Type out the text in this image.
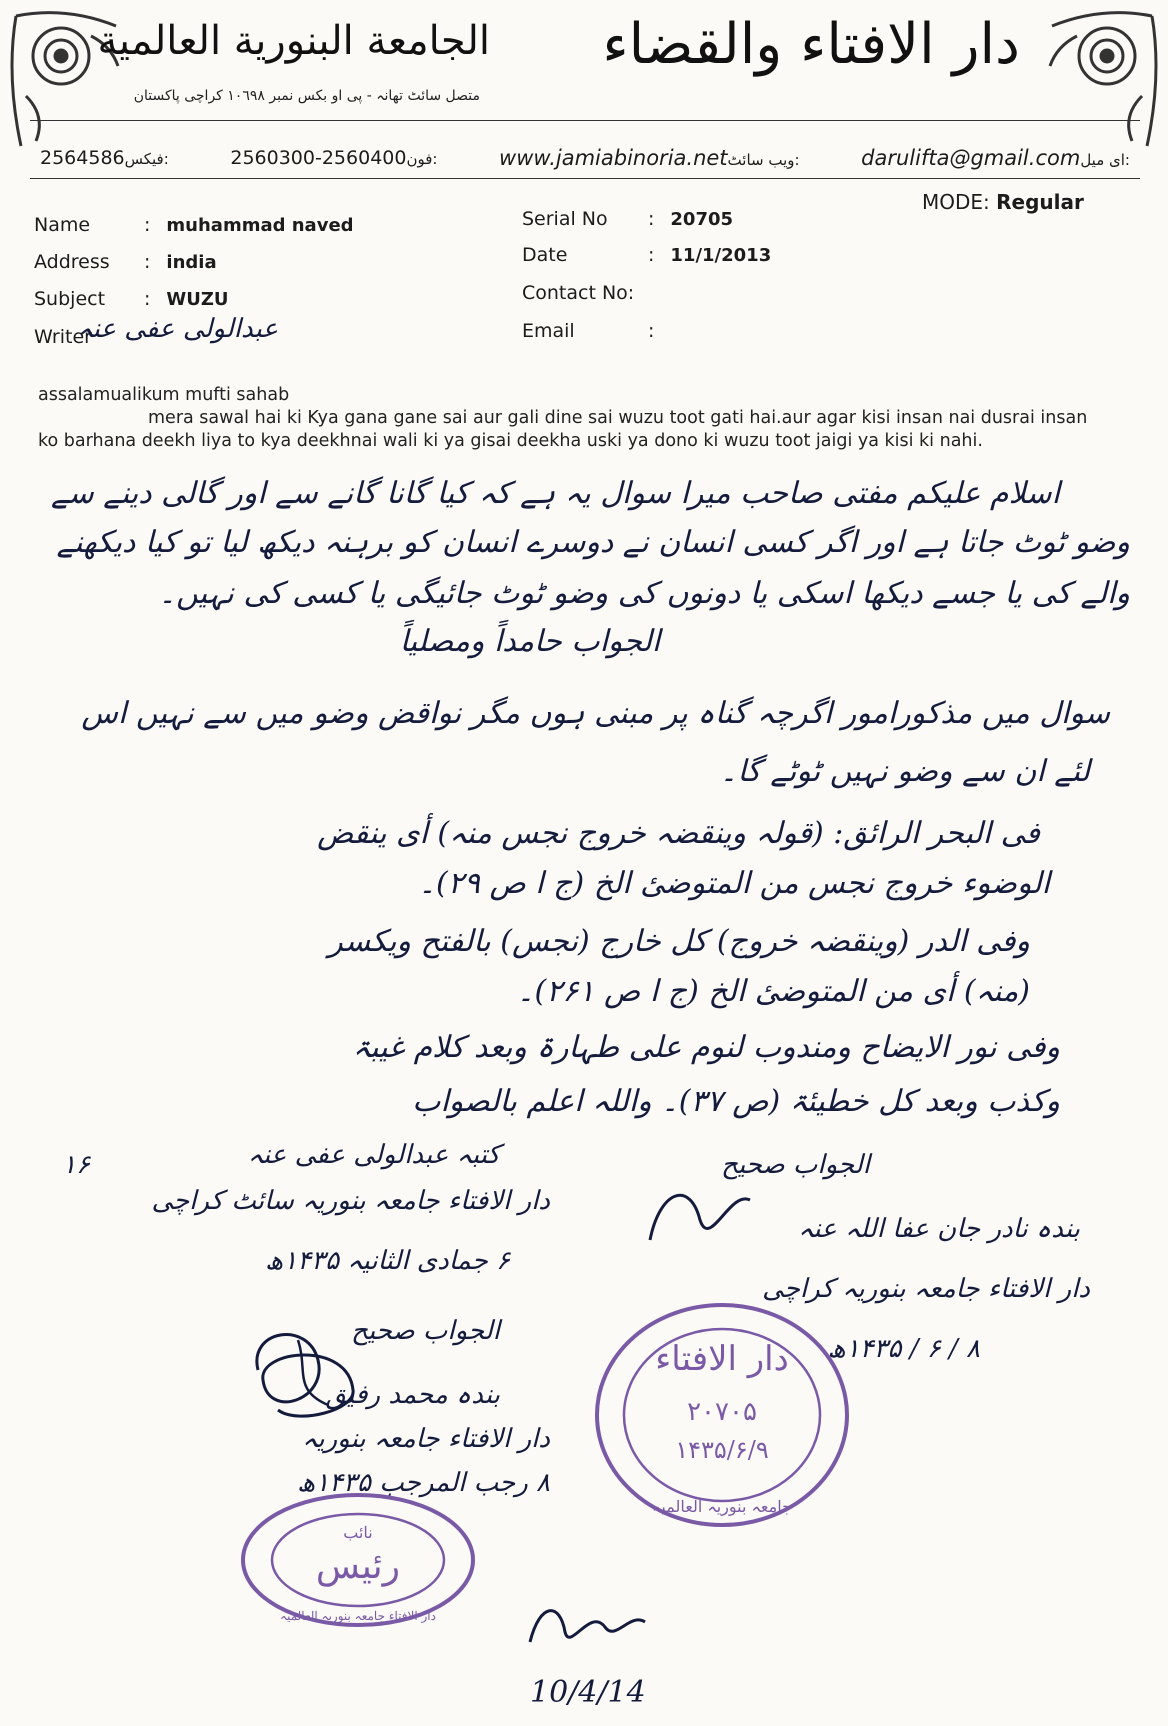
الجامعة البنورية العالمية
متصل سائٹ تھانہ - پی او بکس نمبر ١٠٦٩٨ کراچی پاکستان
دار الافتاء والقضاء
2564586فیکس:	2560300-2560400فون:	www.jamiabinoria.netویب سائٹ:	darulifta@gmail.comای میل:
Name	: muhammad naved
Address : india
Subject : WUZU
Writer
عبدالولی عفی عنہ
Serial No : 20705
Date	: 11/1/2013
Contact No:
Email	:
MODE: Regular

assalamualikum mufti sahab

mera sawal hai ki Kya gana gane sai aur gali dine sai wuzu toot gati hai.aur agar kisi insan nai dusrai insan ko barhana deekh liya to kya deekhnai wali ki ya gisai deekha uski ya dono ki wuzu toot jaigi ya kisi ki nahi.

اسلام علیکم مفتی صاحب میرا سوال یہ ہے کہ کیا گانا گانے سے اور گالی دینے سے
وضو ٹوٹ جاتا ہے اور اگر کسی انسان نے دوسرے انسان کو برہنہ دیکھ لیا تو کیا دیکھنے
والے کی یا جسے دیکھا اسکی یا دونوں کی وضو ٹوٹ جائیگی یا کسی کی نہیں۔
الجواب حامداً ومصلیاً
سوال میں مذکورامور اگرچہ گناہ پر مبنی ہوں مگر نواقض وضو میں سے نہیں اس
لئے ان سے وضو نہیں ٹوٹے گا۔
فی البحر الرائق: (قولہ وینقضہ خروج نجس منہ) أی ینقض
الوضوء خروج نجس من المتوضیٔ الخ (ج ا ص ۲۹)۔
وفی الدر (وینقضہ خروج) کل خارج (نجس) بالفتح ویکسر
(منہ) أی من المتوضیٔ الخ (ج ا ص ۲۶۱)۔
وفی نور الایضاح ومندوب لنوم علی طہارۃ وبعد کلام غیبۃ
وکذب وبعد کل خطیئۃ (ص ۳۷)۔ واللہ اعلم بالصواب
۱۶	کتبہ عبدالولی عفی عنہ
دار الافتاء جامعہ بنوریہ سائٹ کراچی
۶ جمادی الثانیہ ۱۴۳۵ھ
الجواب صحیح
بندہ نادر جان عفا اللہ عنہ
دار الافتاء جامعہ بنوریہ کراچی
۸ / ۶ / ۱۴۳۵ھ
الجواب صحیح
بندہ محمد رفیق
دار الافتاء جامعہ بنوریہ
۸ رجب المرجب ۱۴۳۵ھ
دار الافتاء
۲۰۷۰۵
۱۴۳۵/۶/۹
جامعہ بنوریہ العالمیہ
نائب
رئیس
دار الافتاء جامعہ بنوریہ العالمیہ
10/4/14
